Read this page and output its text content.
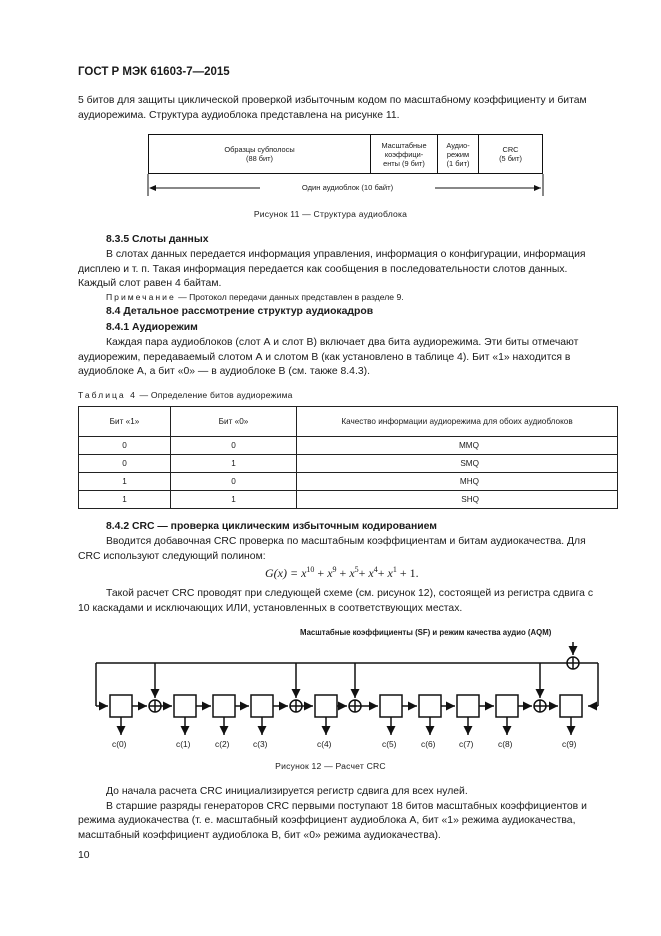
ГОСТ Р МЭК 61603-7—2015
5 битов для защиты циклической проверкой избыточным кодом по масштабному коэффициенту и битам
аудиорежима. Структура аудиоблока представлена на рисунке 11.
Образцы субполосы
(88 бит)
Масштабные
коэффици-
енты (9 бит)
Аудио-
режим
(1 бит)
CRC
(5 бит)
Один аудиоблок (10 байт)
Рисунок 11 — Структура аудиоблока
8.3.5 Слоты данных
В слотах данных передается информация управления, информация о конфигурации, информация
дисплею и т. п. Такая информация передается как сообщения в последовательности слотов данных.
Каждый слот равен 4 байтам.
Примечание — Протокол передачи данных представлен в разделе 9.
8.4 Детальное рассмотрение структур аудиокадров
8.4.1 Аудиорежим
Каждая пара аудиоблоков (слот А и слот В) включает два бита аудиорежима. Эти биты отмечают
аудиорежим, передаваемый слотом А и слотом В (как установлено в таблице 4). Бит «1» находится в
аудиоблоке А, а бит «0» — в аудиоблоке В (см. также 8.4.3).
Таблица 4 — Определение битов аудиорежима
Бит «1»	Бит «0»	Качество информации аудиорежима для обоих аудиоблоков
0	0	MMQ
0	1	SMQ
1	0	MHQ
1	1	SHQ
8.4.2 CRC — проверка циклическим избыточным кодированием
Вводится добавочная CRC проверка по масштабным коэффициентам и битам аудиокачества. Для
CRC используют следующий полином:
$G(x) = x^{10} + x^9 + x^5+ x^4+ x^1 + 1$.
Такой расчет CRC проводят при следующей схеме (см. рисунок 12), состоящей из регистра сдвига с
10 каскадами и исключающих ИЛИ, установленных в соответствующих местах.
Масштабные коэффициенты (SF) и режим качества аудио (AQM)
c(0)	c(1)	c(2)	c(3)	c(4)	c(5)	c(6)	c(7)	c(8)	c(9)
Рисунок 12 — Расчет CRC
До начала расчета CRC инициализируется регистр сдвига для всех нулей.
В старшие разряды генераторов CRC первыми поступают 18 битов масштабных коэффициентов и
режима аудиокачества (т. е. масштабный коэффициент аудиоблока А, бит «1» режима аудиокачества,
масштабный коэффициент аудиоблока В, бит «0» режима аудиокачества).
10
